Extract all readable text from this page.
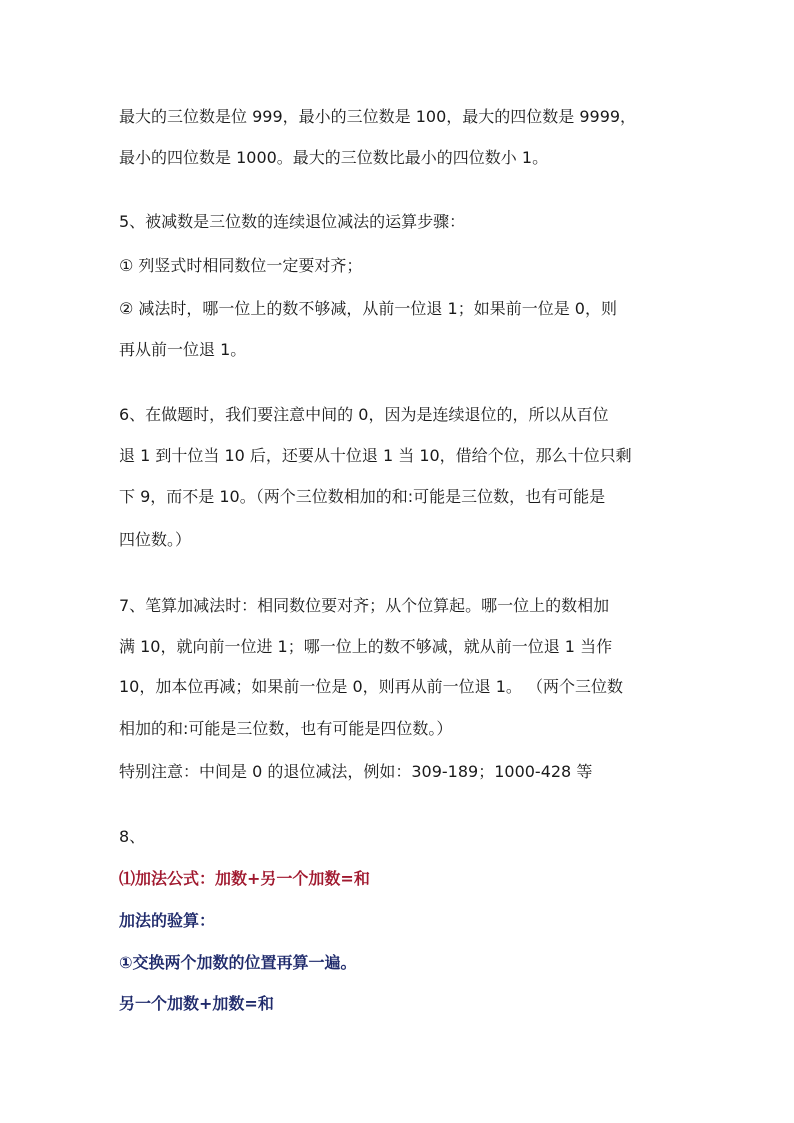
最大的三位数是位 999，最小的三位数是 100，最大的四位数是 9999，
最小的四位数是 1000。最大的三位数比最小的四位数小 1。
5、被减数是三位数的连续退位减法的运算步骤：
① 列竖式时相同数位一定要对齐；
② 减法时，哪一位上的数不够减，从前一位退 1；如果前一位是 0，则
再从前一位退 1。
6、在做题时，我们要注意中间的 0，因为是连续退位的，所以从百位
退 1 到十位当 10 后，还要从十位退 1 当 10，借给个位，那么十位只剩
下 9，而不是 10。（两个三位数相加的和:可能是三位数，也有可能是
四位数。）
7、笔算加减法时：相同数位要对齐；从个位算起。哪一位上的数相加
满 10，就向前一位进 1；哪一位上的数不够减，就从前一位退 1 当作
10，加本位再减；如果前一位是 0，则再从前一位退 1。 （两个三位数
相加的和:可能是三位数，也有可能是四位数。）
特别注意：中间是 0 的退位减法，例如：309-189；1000-428 等
8、
⑴加法公式：加数+另一个加数=和
加法的验算：
①交换两个加数的位置再算一遍。
另一个加数+加数=和
